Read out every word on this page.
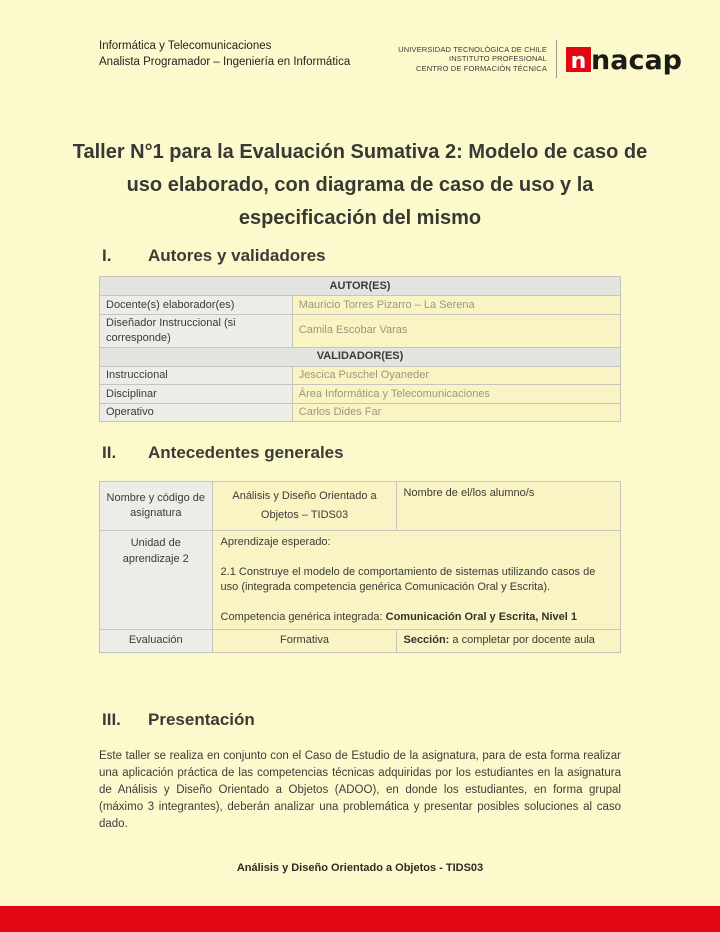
Informática y Telecomunicaciones
Analista Programador – Ingeniería en Informática
UNIVERSIDAD TECNOLÓGICA DE CHILE
INSTITUTO PROFESIONAL
CENTRO DE FORMACIÓN TÉCNICA n nacap
Taller N°1 para la Evaluación Sumativa 2: Modelo de caso de uso elaborado, con diagrama de caso de uso y la especificación del mismo
I.	Autores y validadores
AUTOR(ES)	
Docente(s) elaborador(es)	Mauricio Torres Pizarro – La Serena
Diseñador Instruccional (si corresponde)	Camila Escobar Varas
VALIDADOR(ES)	
Instruccional	Jescica Puschel Oyaneder
Disciplinar	Área Informática y Telecomunicaciones
Operativo	Carlos Dides Far
II.	Antecedentes generales
Nombre y código de asignatura	Análisis y Diseño Orientado a Objetos – TIDS03	Nombre de el/los alumno/s
Unidad de aprendizaje 2	Aprendizaje esperado:

2.1 Construye el modelo de comportamiento de sistemas utilizando casos de uso (integrada competencia genérica Comunicación Oral y Escrita).

Competencia genérica integrada: Comunicación Oral y Escrita, Nivel 1	

Evaluación	Formativa	Sección: a completar por docente aula
III.	Presentación

Este taller se realiza en conjunto con el Caso de Estudio de la asignatura, para de esta forma realizar una aplicación práctica de las competencias técnicas adquiridas por los estudiantes en la asignatura de Análisis y Diseño Orientado a Objetos (ADOO), en donde los estudiantes, en forma grupal (máximo 3 integrantes), deberán analizar una problemática y presentar posibles soluciones al caso dado.

Análisis y Diseño Orientado a Objetos - TIDS03
